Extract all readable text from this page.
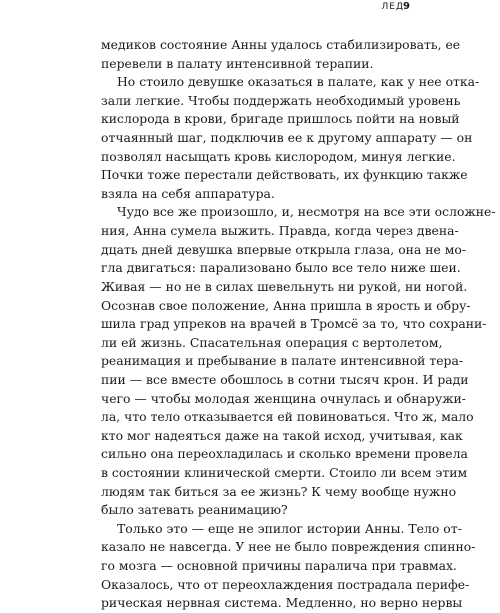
ЛЕД 9
медиков состояние Анны удалось стабилизировать, ее
перевели в палату интенсивной терапии.
Но стоило девушке оказаться в палате, как у нее отка-
зали легкие. Чтобы поддержать необходимый уровень
кислорода в крови, бригаде пришлось пойти на новый
отчаянный шаг, подключив ее к другому аппарату — он
позволял насыщать кровь кислородом, минуя легкие.
Почки тоже перестали действовать, их функцию также
взяла на себя аппаратура.
Чудо все же произошло, и, несмотря на все эти осложне-
ния, Анна сумела выжить. Правда, когда через двена-
дцать дней девушка впервые открыла глаза, она не мо-
гла двигаться: парализовано было все тело ниже шеи.
Живая — но не в силах шевельнуть ни рукой, ни ногой.
Осознав свое положение, Анна пришла в ярость и обру-
шила град упреков на врачей в Тромсё за то, что сохрани-
ли ей жизнь. Спасательная операция с вертолетом,
реанимация и пребывание в палате интенсивной тера-
пии — все вместе обошлось в сотни тысяч крон. И ради
чего — чтобы молодая женщина очнулась и обнаружи-
ла, что тело отказывается ей повиноваться. Что ж, мало
кто мог надеяться даже на такой исход, учитывая, как
сильно она переохладилась и сколько времени провела
в состоянии клинической смерти. Стоило ли всем этим
людям так биться за ее жизнь? К чему вообще нужно
было затевать реанимацию?
Только это — еще не эпилог истории Анны. Тело от-
казало не навсегда. У нее не было повреждения спинно-
го мозга — основной причины паралича при травмах.
Оказалось, что от переохлаждения пострадала перифе-
рическая нервная система. Медленно, но верно нервы
